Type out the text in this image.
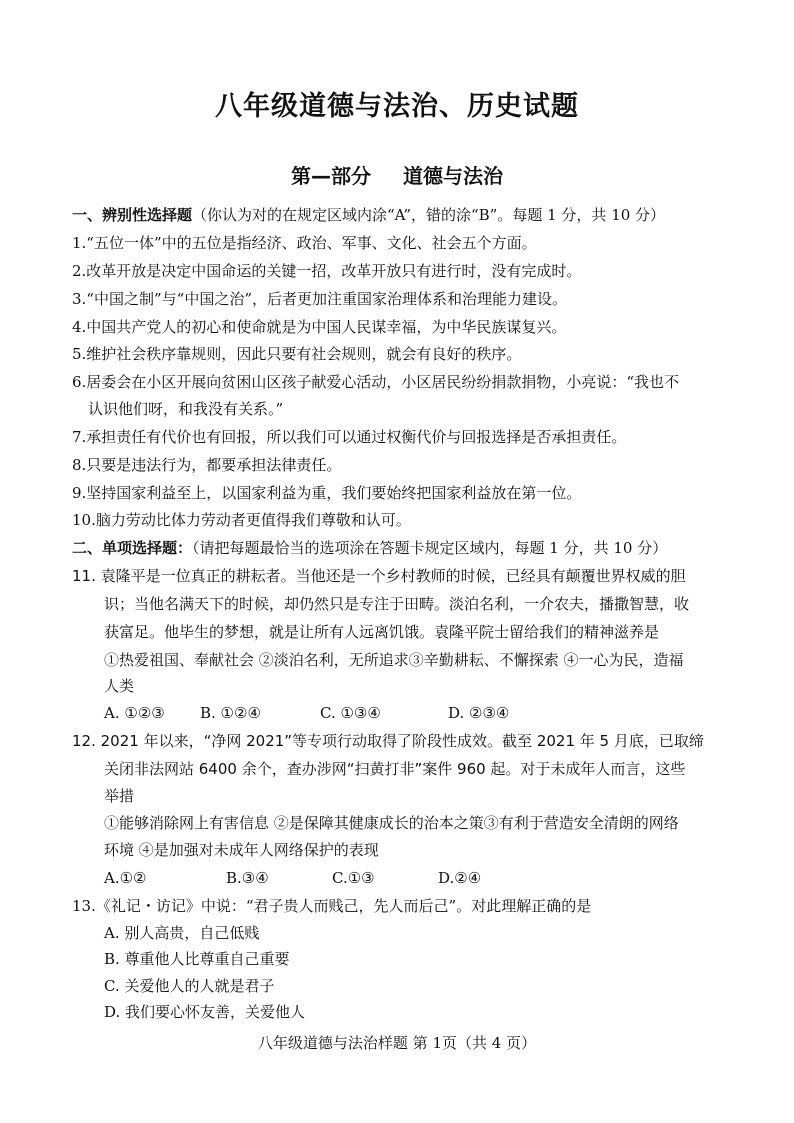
八年级道德与法治、历史试题
第—部分 道德与法治
一、辨别性选择题（你认为对的在规定区域内涂“A”，错的涂“B”。每题 1 分，共 10 分）
1.“五位一体”中的五位是指经济、政治、军事、文化、社会五个方面。
2.改革开放是决定中国命运的关键一招，改革开放只有进行时，没有完成时。
3.“中国之制”与“中国之治”，后者更加注重国家治理体系和治理能力建设。
4.中国共产党人的初心和使命就是为中国人民谋幸福，为中华民族谋复兴。
5.维护社会秩序靠规则，因此只要有社会规则，就会有良好的秩序。
6.居委会在小区开展向贫困山区孩子献爱心活动，小区居民纷纷捐款捐物，小亮说：“我也不
认识他们呀，和我没有关系。”
7.承担责任有代价也有回报，所以我们可以通过权衡代价与回报选择是否承担责任。
8.只要是违法行为，都要承担法律责任。
9.坚持国家利益至上，以国家利益为重，我们要始终把国家利益放在第一位。
10.脑力劳动比体力劳动者更值得我们尊敬和认可。
二、单项选择题：（请把每题最恰当的选项涂在答题卡规定区域内，每题 1 分，共 10 分）
11. 袁隆平是一位真正的耕耘者。当他还是一个乡村教师的时候，已经具有颠覆世界权威的胆
识；当他名满天下的时候，却仍然只是专注于田畴。淡泊名利，一介农夫，播撒智慧，收
获富足。他毕生的梦想，就是让所有人远离饥饿。袁隆平院士留给我们的精神滋养是
①热爱祖国、奉献社会 ②淡泊名利，无所追求③辛勤耕耘、不懈探索 ④一心为民，造福
人类
A. ①②③ B. ①②④	C. ①③④	D. ②③④
12. 2021 年以来，“净网 2021”等专项行动取得了阶段性成效。截至 2021 年 5 月底，已取缔
关闭非法网站 6400 余个，查办涉网“扫黄打非”案件 960 起。对于未成年人而言，这些
举措
①能够消除网上有害信息 ②是保障其健康成长的治本之策③有利于营造安全清朗的网络
环境 ④是加强对未成年人网络保护的表现
A.①②	B.③④	C.①③	D.②④
13.《礼记・访记》中说：“君子贵人而贱己，先人而后己”。对此理解正确的是
A. 别人高贵，自己低贱
B. 尊重他人比尊重自己重要
C. 关爱他人的人就是君子
D. 我们要心怀友善，关爱他人
八年级道德与法治样题 第 1页（共 4 页）
